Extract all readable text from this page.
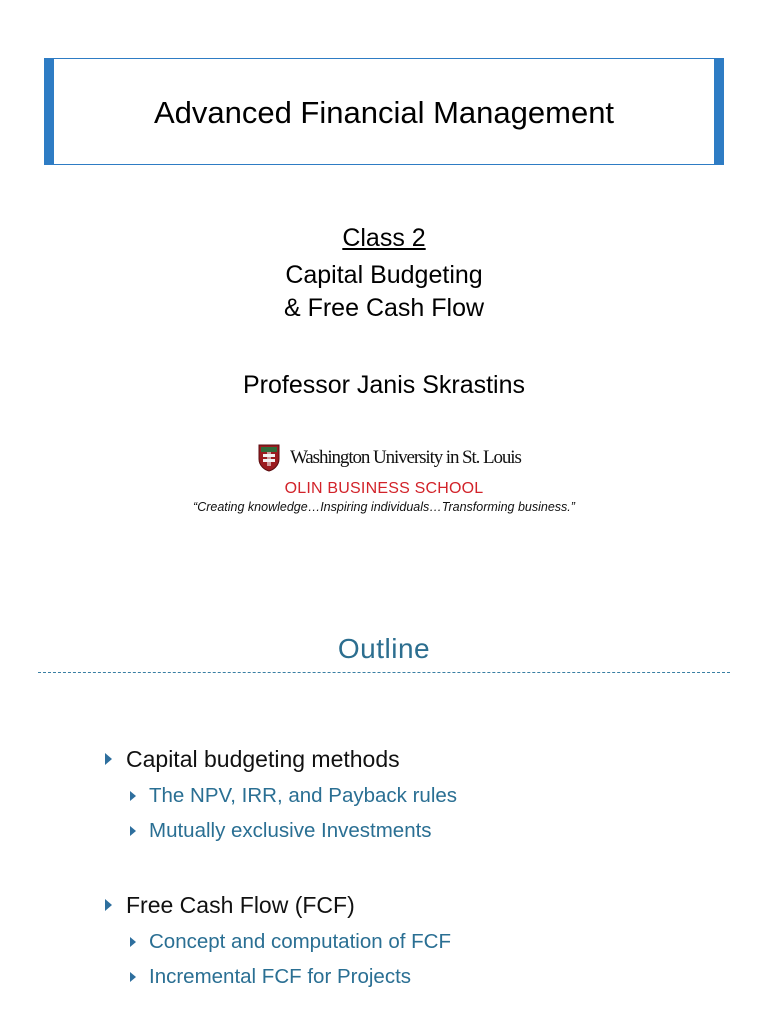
Advanced Financial Management
Class 2
Capital Budgeting
& Free Cash Flow
Professor Janis Skrastins
Washington University in St. Louis
OLIN BUSINESS SCHOOL
“Creating knowledge…Inspiring individuals…Transforming business.”
Outline
Capital budgeting methods
The NPV, IRR, and Payback rules
Mutually exclusive Investments
Free Cash Flow (FCF)
Concept and computation of FCF
Incremental FCF for Projects
